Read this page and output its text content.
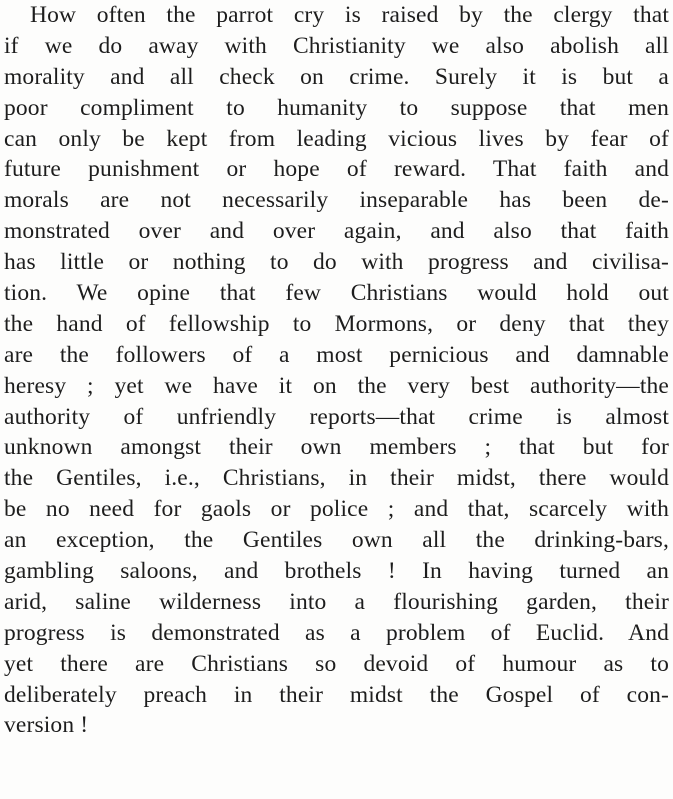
How often the parrot cry is raised by the clergy that
if we do away with Christianity we also abolish all
morality and all check on crime. Surely it is but a
poor compliment to humanity to suppose that men
can only be kept from leading vicious lives by fear of
future punishment or hope of reward. That faith and
morals are not necessarily inseparable has been de-
monstrated over and over again, and also that faith
has little or nothing to do with progress and civilisa-
tion. We opine that few Christians would hold out
the hand of fellowship to Mormons, or deny that they
are the followers of a most pernicious and damnable
heresy ; yet we have it on the very best authority—the
authority of unfriendly reports—that crime is almost
unknown amongst their own members ; that but for
the Gentiles, i.e., Christians, in their midst, there would
be no need for gaols or police ; and that, scarcely with
an exception, the Gentiles own all the drinking-bars,
gambling saloons, and brothels ! In having turned an
arid, saline wilderness into a flourishing garden, their
progress is demonstrated as a problem of Euclid. And
yet there are Christians so devoid of humour as to
deliberately preach in their midst the Gospel of con-
version !
